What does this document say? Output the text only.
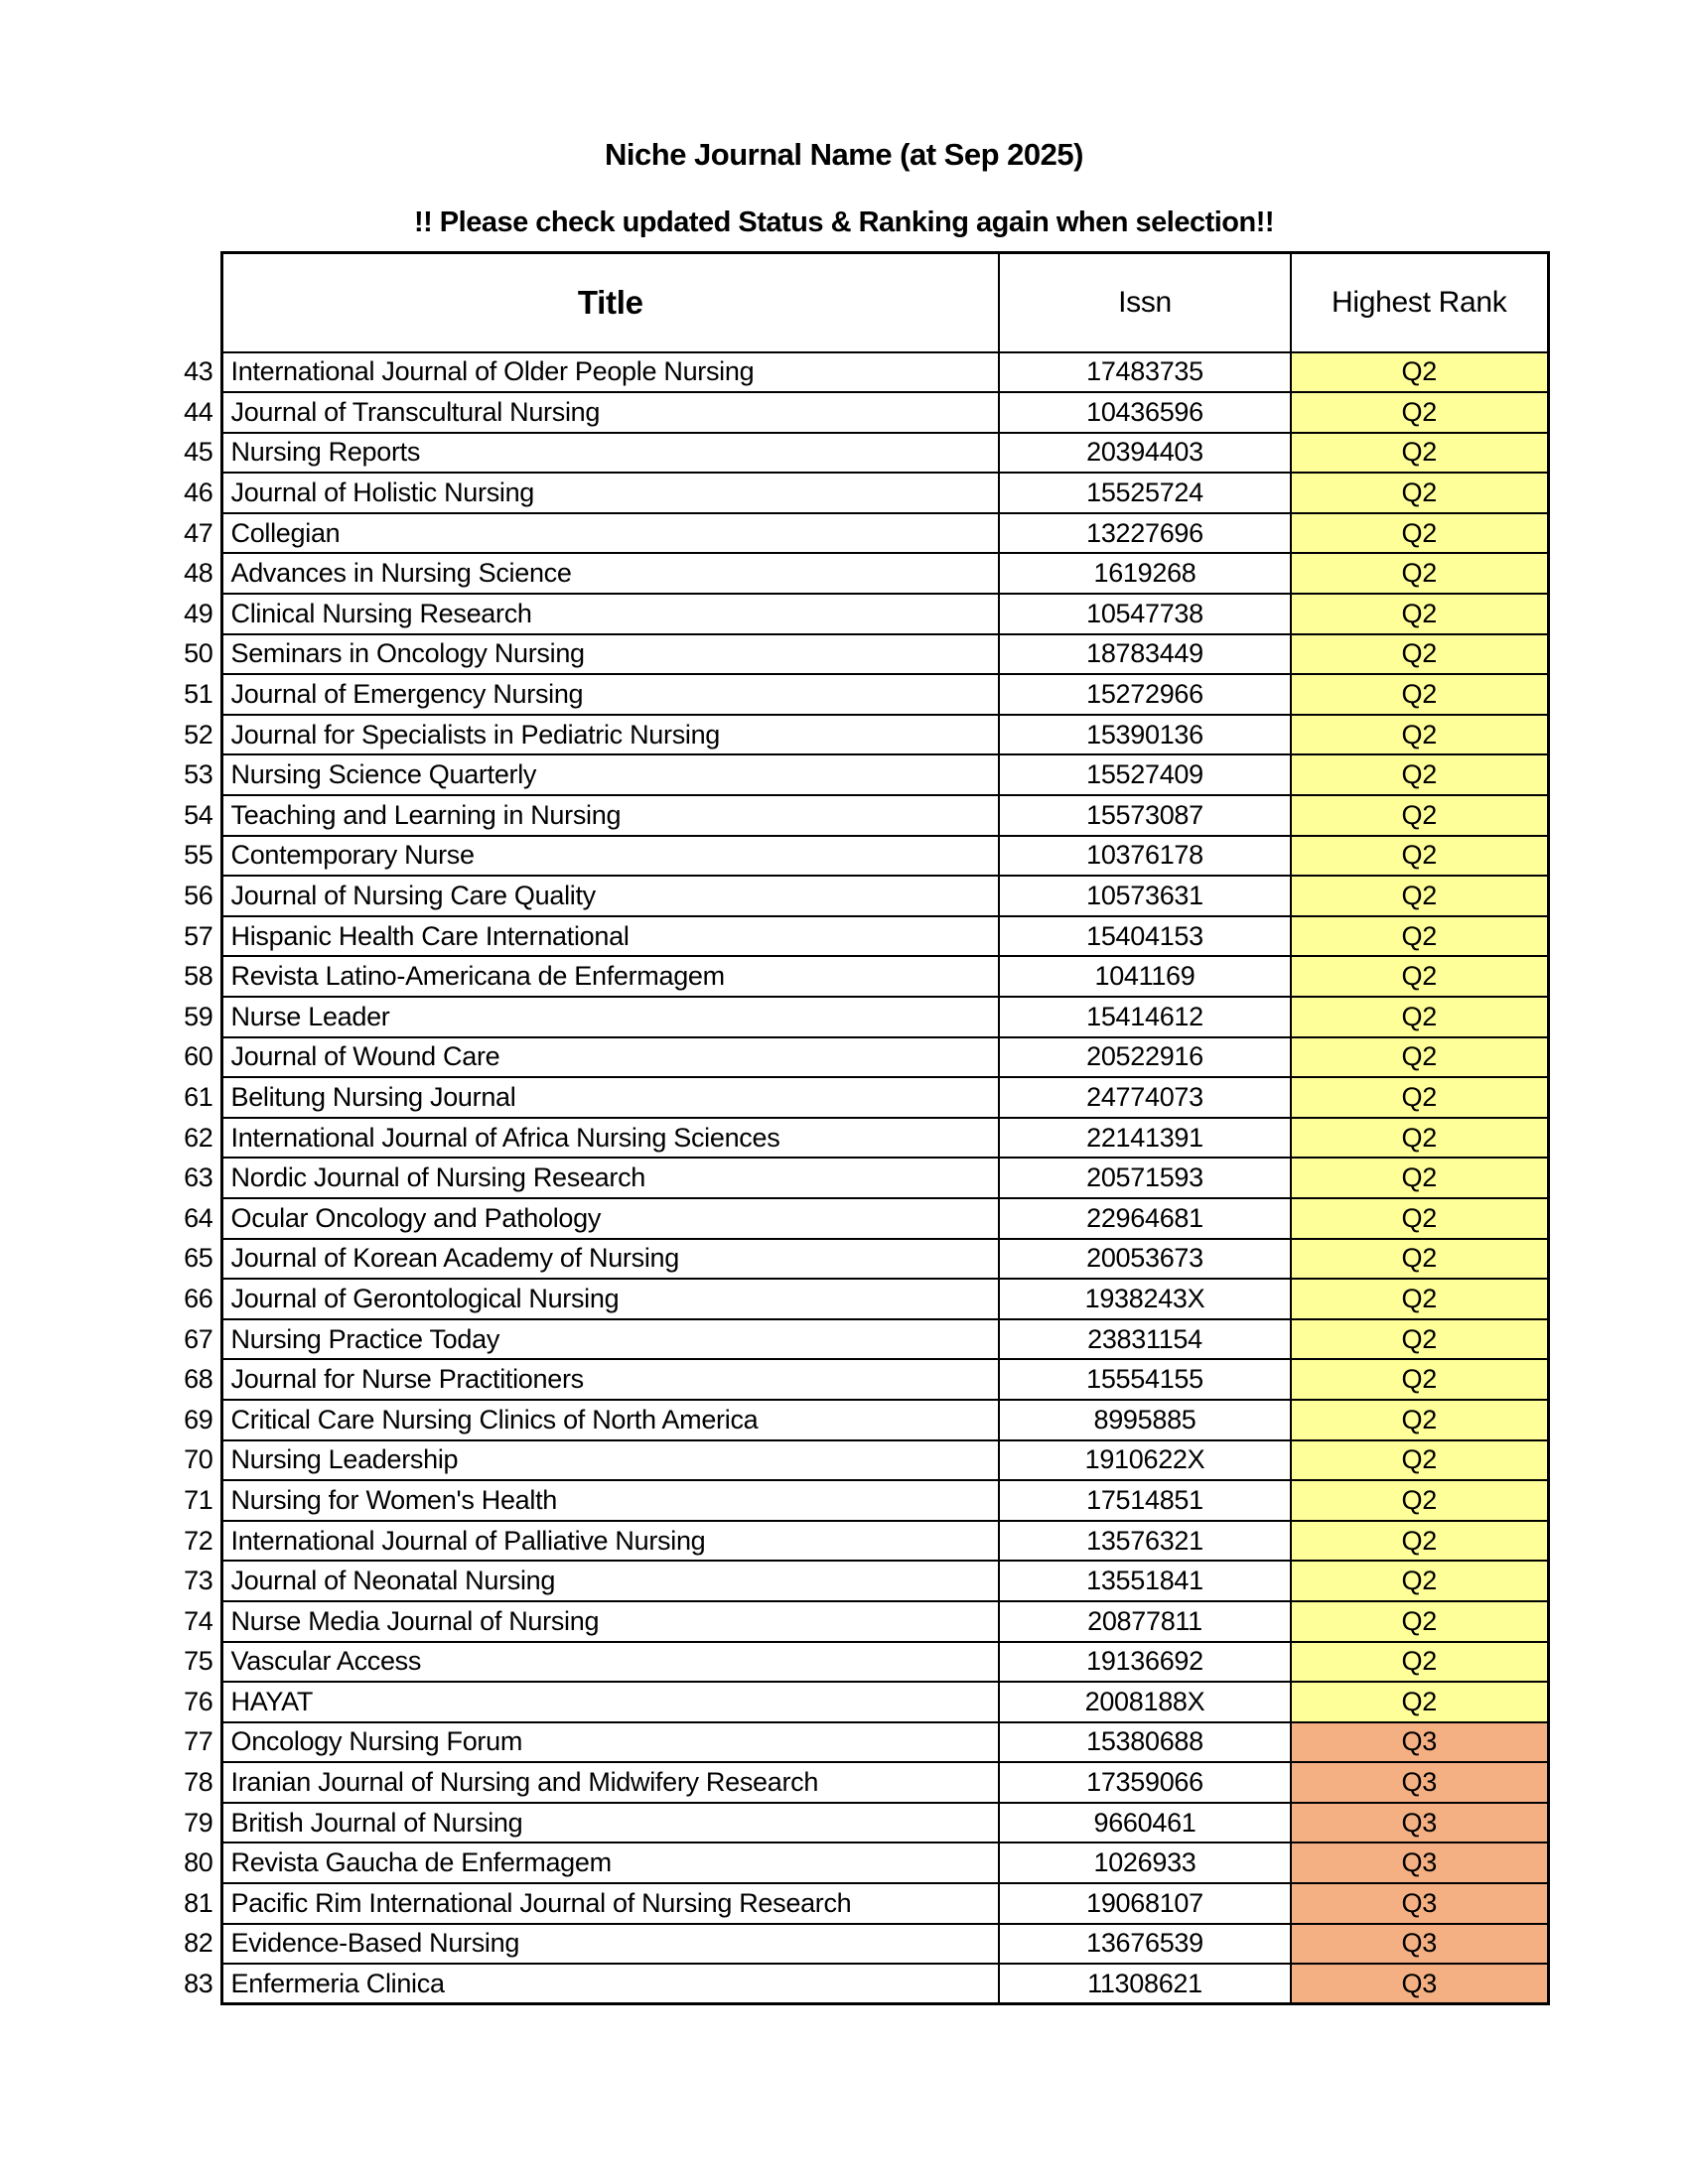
Niche Journal Name (at Sep 2025)
!! Please check updated Status & Ranking again when selection!!
	Title	Issn	Highest Rank
43	International Journal of Older People Nursing	17483735	Q2
44	Journal of Transcultural Nursing	10436596	Q2
45	Nursing Reports	20394403	Q2
46	Journal of Holistic Nursing	15525724	Q2
47	Collegian	13227696	Q2
48	Advances in Nursing Science	1619268	Q2
49	Clinical Nursing Research	10547738	Q2
50	Seminars in Oncology Nursing	18783449	Q2
51	Journal of Emergency Nursing	15272966	Q2
52	Journal for Specialists in Pediatric Nursing	15390136	Q2
53	Nursing Science Quarterly	15527409	Q2
54	Teaching and Learning in Nursing	15573087	Q2
55	Contemporary Nurse	10376178	Q2
56	Journal of Nursing Care Quality	10573631	Q2
57	Hispanic Health Care International	15404153	Q2
58	Revista Latino-Americana de Enfermagem	1041169	Q2
59	Nurse Leader	15414612	Q2
60	Journal of Wound Care	20522916	Q2
61	Belitung Nursing Journal	24774073	Q2
62	International Journal of Africa Nursing Sciences	22141391	Q2
63	Nordic Journal of Nursing Research	20571593	Q2
64	Ocular Oncology and Pathology	22964681	Q2
65	Journal of Korean Academy of Nursing	20053673	Q2
66	Journal of Gerontological Nursing	1938243X	Q2
67	Nursing Practice Today	23831154	Q2
68	Journal for Nurse Practitioners	15554155	Q2
69	Critical Care Nursing Clinics of North America	8995885	Q2
70	Nursing Leadership	1910622X	Q2
71	Nursing for Women's Health	17514851	Q2
72	International Journal of Palliative Nursing	13576321	Q2
73	Journal of Neonatal Nursing	13551841	Q2
74	Nurse Media Journal of Nursing	20877811	Q2
75	Vascular Access	19136692	Q2
76	HAYAT	2008188X	Q2
77	Oncology Nursing Forum	15380688	Q3
78	Iranian Journal of Nursing and Midwifery Research	17359066	Q3
79	British Journal of Nursing	9660461	Q3
80	Revista Gaucha de Enfermagem	1026933	Q3
81	Pacific Rim International Journal of Nursing Research	19068107	Q3
82	Evidence-Based Nursing	13676539	Q3
83	Enfermeria Clinica	11308621	Q3
